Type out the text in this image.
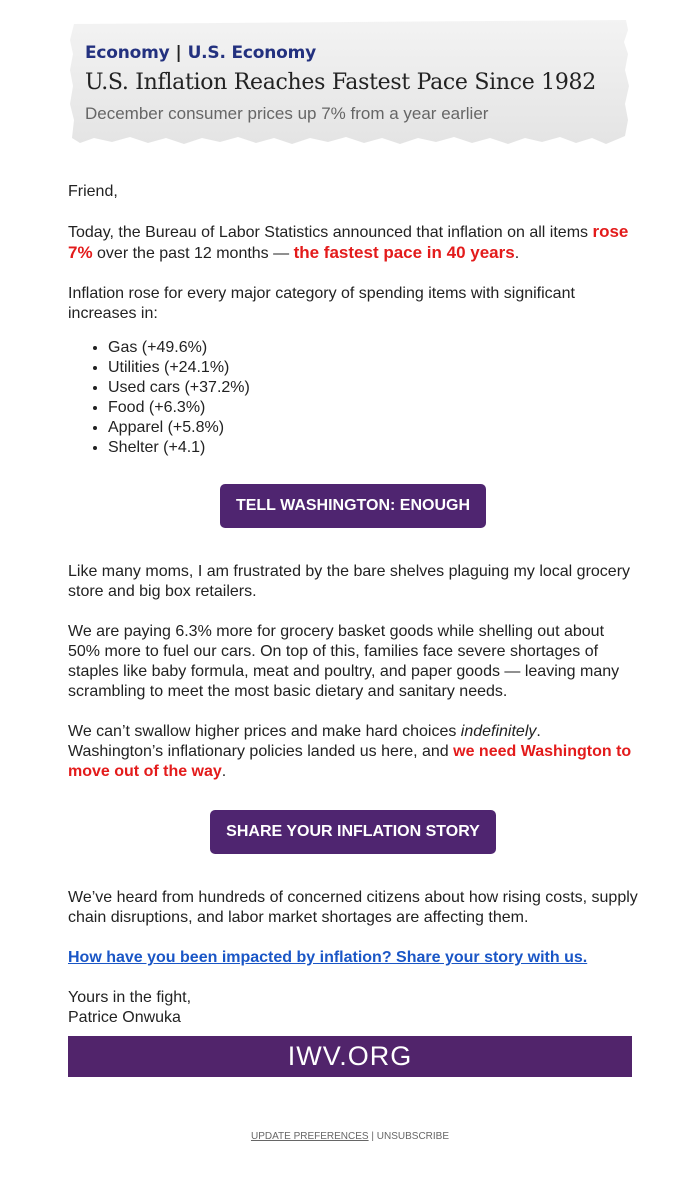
Economy | U.S. Economy
U.S. Inflation Reaches Fastest Pace Since 1982
December consumer prices up 7% from a year earlier

Friend,

Today, the Bureau of Labor Statistics announced that inflation on all items rose 7% over the past 12 months — the fastest pace in 40 years.

Inflation rose for every major category of spending items with significant increases in:

• Gas (+49.6%)
• Utilities (+24.1%)
• Used cars (+37.2%)
• Food (+6.3%)
• Apparel (+5.8%)
• Shelter (+4.1)
TELL WASHINGTON: ENOUGH

Like many moms, I am frustrated by the bare shelves plaguing my local grocery store and big box retailers.

We are paying 6.3% more for grocery basket goods while shelling out about 50% more to fuel our cars. On top of this, families face severe shortages of staples like baby formula, meat and poultry, and paper goods — leaving many scrambling to meet the most basic dietary and sanitary needs.

We can’t swallow higher prices and make hard choices indefinitely. Washington’s inflationary policies landed us here, and we need Washington to move out of the way.

SHARE YOUR INFLATION STORY

We’ve heard from hundreds of concerned citizens about how rising costs, supply chain disruptions, and labor market shortages are affecting them.

How have you been impacted by inflation? Share your story with us.

Yours in the fight,
Patrice Onwuka

IWV.ORG
UPDATE PREFERENCES | UNSUBSCRIBE
